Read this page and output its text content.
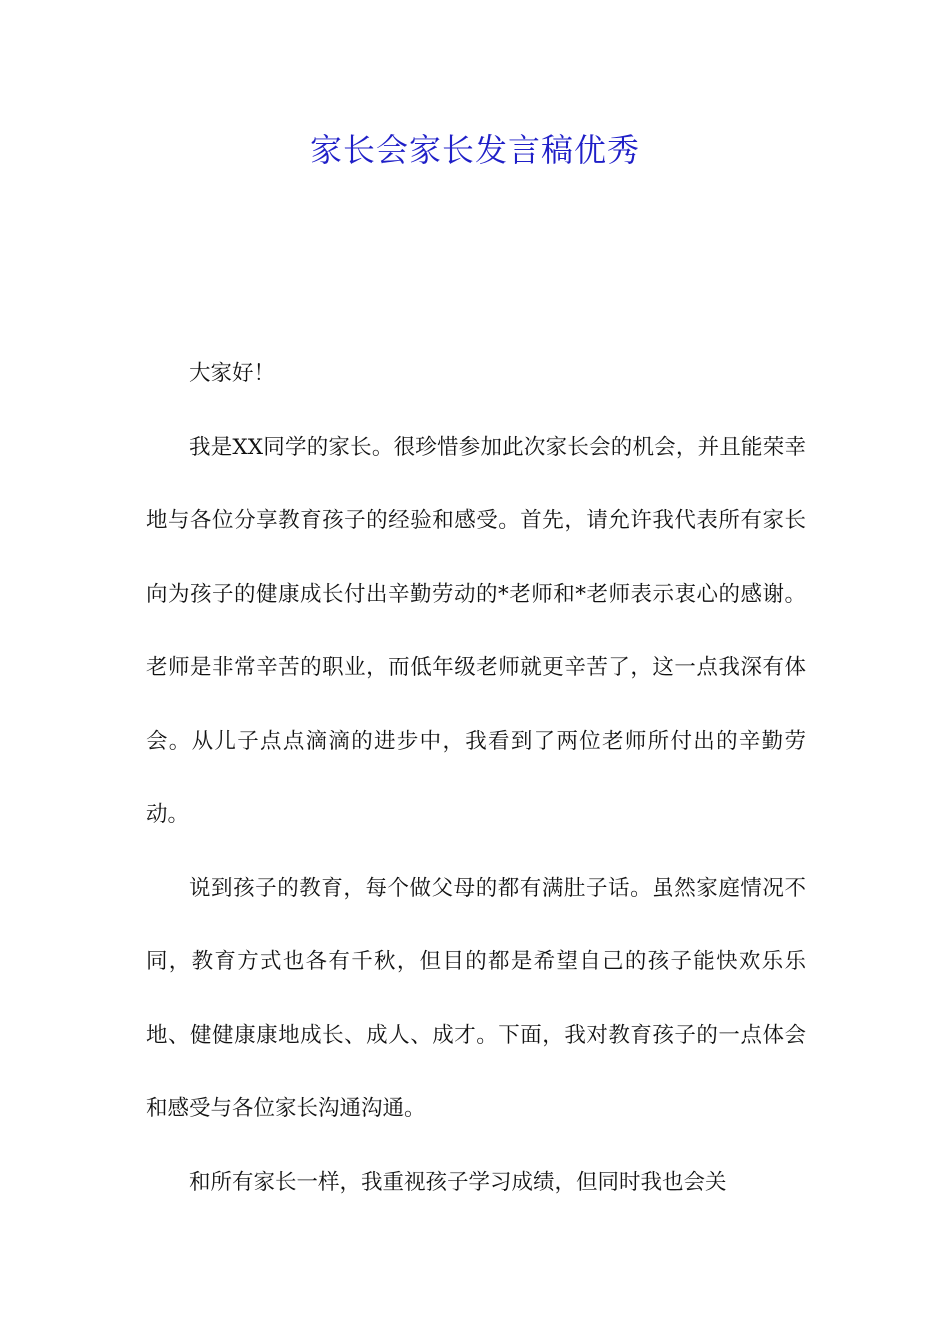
家长会家长发言稿优秀

大家好！

我是XX同学的家长。很珍惜参加此次家长会的机会，并且能荣幸地与各位分享教育孩子的经验和感受。首先，请允许我代表所有家长向为孩子的健康成长付出辛勤劳动的*老师和*老师表示衷心的感谢。老师是非常辛苦的职业，而低年级老师就更辛苦了，这一点我深有体会。从儿子点点滴滴的进步中，我看到了两位老师所付出的辛勤劳动。

说到孩子的教育，每个做父母的都有满肚子话。虽然家庭情况不同，教育方式也各有千秋，但目的都是希望自己的孩子能快欢乐乐地、健健康康地成长、成人、成才。下面，我对教育孩子的一点体会和感受与各位家长沟通沟通。

和所有家长一样，我重视孩子学习成绩，但同时我也会关
